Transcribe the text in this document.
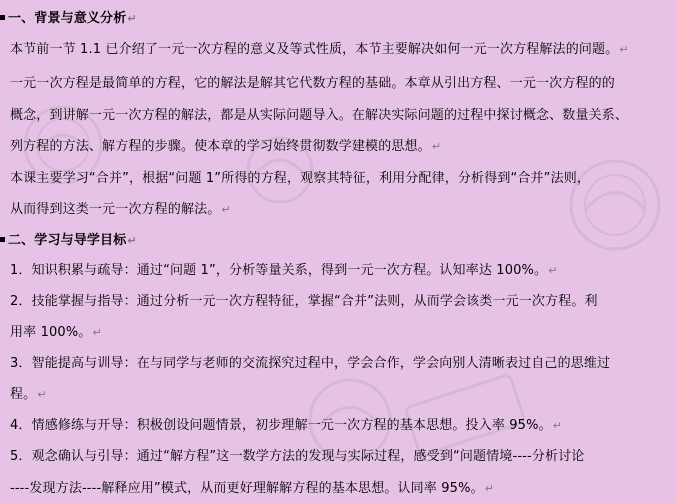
一、背景与意义分析↵
本节前一节 1.1 已介绍了一元一次方程的意义及等式性质，本节主要解决如何一元一次方程解法的问题。↵
一元一次方程是最简单的方程，它的解法是解其它代数方程的基础。本章从引出方程、一元一次方程的的
概念，到讲解一元一次方程的解法，都是从实际问题导入。在解决实际问题的过程中探讨概念、数量关系、
列方程的方法、解方程的步骤。使本章的学习始终贯彻数学建模的思想。↵
本课主要学习“合并”，根据“问题 1”所得的方程，观察其特征，利用分配律，分析得到“合并”法则，
从而得到这类一元一次方程的解法。↵
二、学习与导学目标↵
1．知识积累与疏导：通过“问题 1”，分析等量关系，得到一元一次方程。认知率达 100%。↵
2．技能掌握与指导：通过分析一元一次方程特征，掌握“合并”法则，从而学会该类一元一次方程。利
用率 100%。↵
3．智能提高与训导：在与同学与老师的交流探究过程中，学会合作，学会向别人清晰表过自己的思维过
程。↵
4．情感修练与开导：积极创设问题情景，初步理解一元一次方程的基本思想。投入率 95%。↵
5．观念确认与引导：通过“解方程”这一数学方法的发现与实际过程，感受到“问题情境----分析讨论
----发现方法----解释应用”模式，从而更好理解解方程的基本思想。认同率 95%。↵
